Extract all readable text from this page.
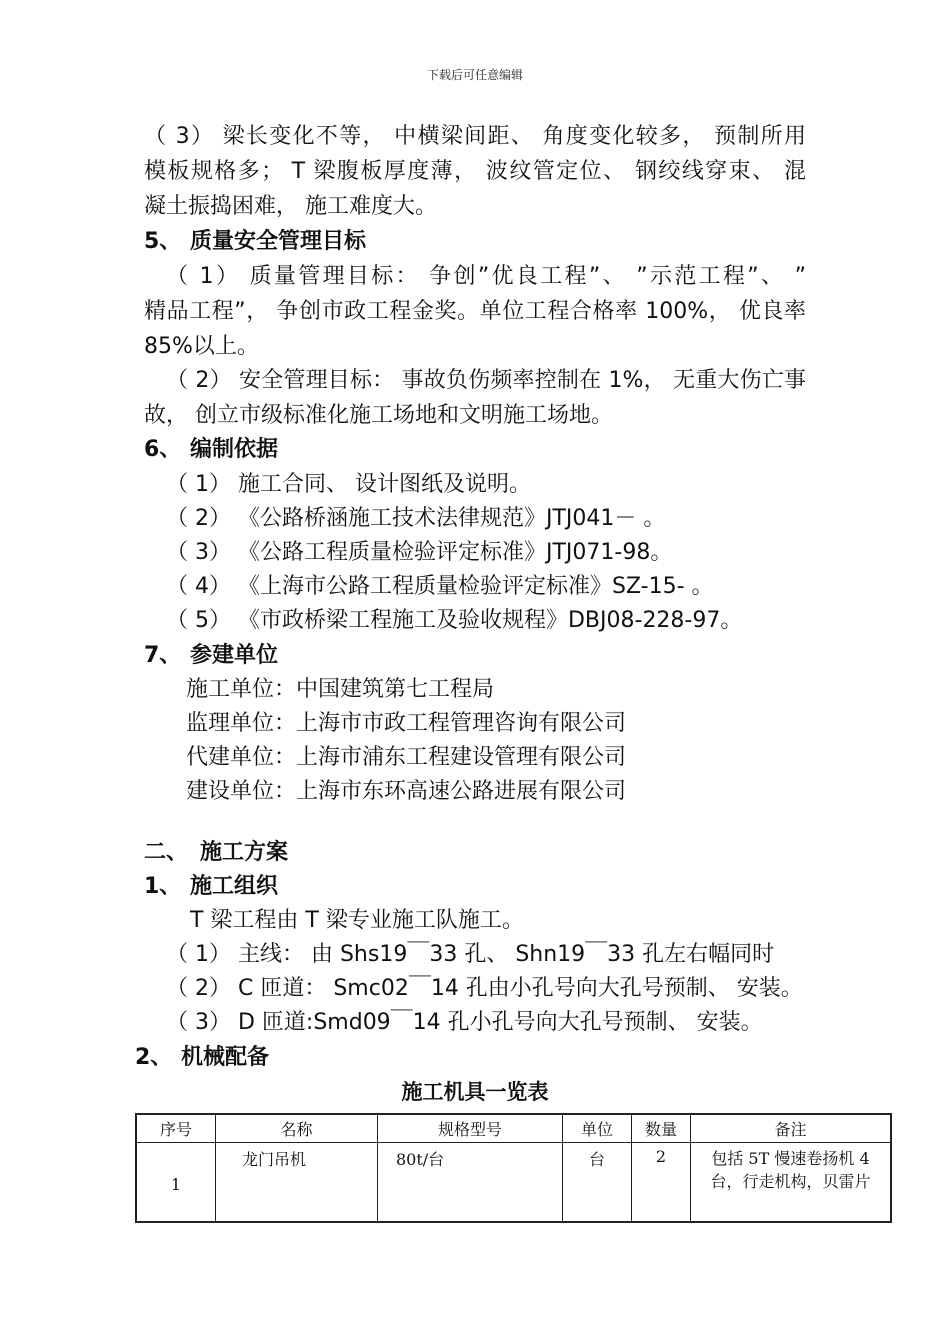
下载后可任意编辑
（ 3） 梁长变化不等， 中横梁间距、 角度变化较多， 预制所用
模板规格多； T 梁腹板厚度薄， 波纹管定位、 钢绞线穿束、 混
凝土振捣困难， 施工难度大。
5、 质量安全管理目标
（ 1） 质量管理目标： 争创”优良工程”、 ”示范工程”、 ”
精品工程”， 争创市政工程金奖。单位工程合格率 100%， 优良率
85%以上。
（ 2） 安全管理目标： 事故负伤频率控制在 1%， 无重大伤亡事
故， 创立市级标准化施工场地和文明施工场地。
6、 编制依据
（ 1） 施工合同、 设计图纸及说明。
（ 2） 《公路桥涵施工技术法律规范》JTJ041－ 。
（ 3） 《公路工程质量检验评定标准》JTJ071-98。
（ 4） 《上海市公路工程质量检验评定标准》SZ-15- 。
（ 5） 《市政桥梁工程施工及验收规程》DBJ08-228-97。
7、 参建单位
施工单位：中国建筑第七工程局
监理单位：上海市市政工程管理咨询有限公司
代建单位：上海市浦东工程建设管理有限公司
建设单位：上海市东环高速公路进展有限公司
二、 施工方案
1、 施工组织
T 梁工程由 T 梁专业施工队施工。
（ 1） 主线： 由 Shs19￣33 孔、 Shn19￣33 孔左右幅同时
（ 2） C 匝道： Smc02￣14 孔由小孔号向大孔号预制、 安装。
（ 3） D 匝道:Smd09￣14 孔小孔号向大孔号预制、 安装。
2、 机械配备
施工机具一览表
序号	名称	规格型号	单位	数量	备注
1	龙门吊机	80t/台	台	2	包括 5T 慢速卷扬机 4 台，行走机构，贝雷片
